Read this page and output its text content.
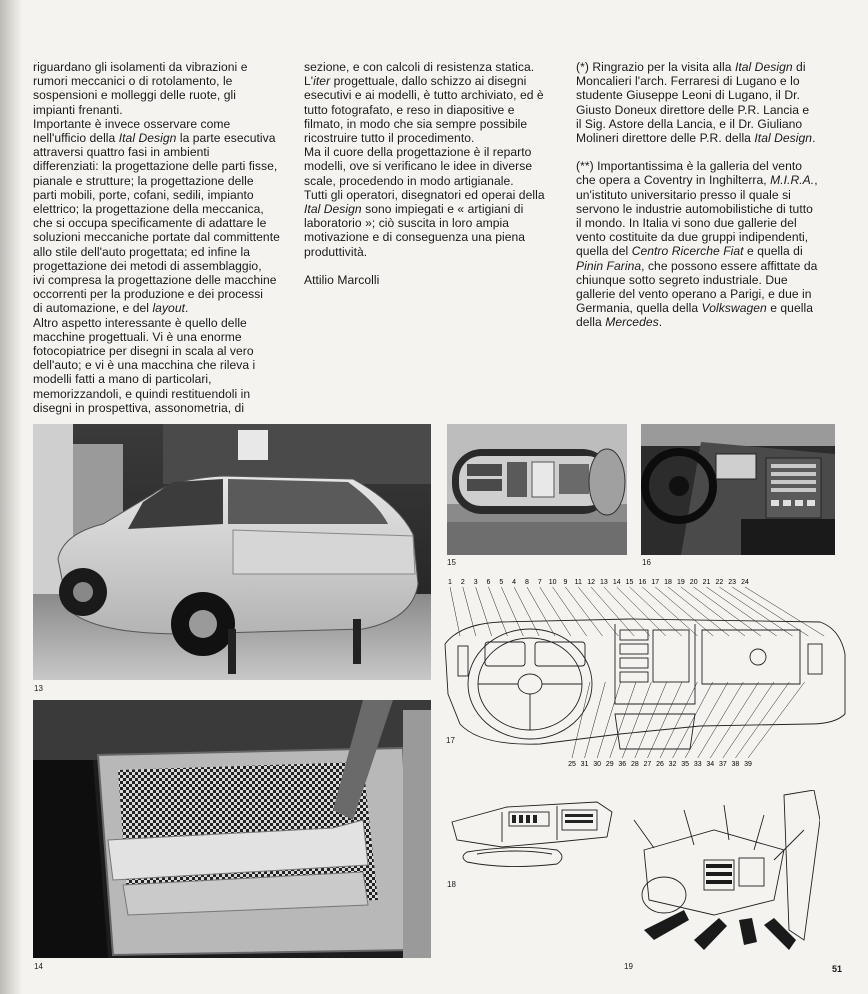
riguardano gli isolamenti da vibrazioni e
rumori meccanici o di rotolamento, le
sospensioni e molleggi delle ruote, gli
impianti frenanti.
Importante è invece osservare come
nell'ufficio della Ital Design la parte esecutiva
attraversi quattro fasi in ambienti
differenziati: la progettazione delle parti fisse,
pianale e strutture; la progettazione delle
parti mobili, porte, cofani, sedili, impianto
elettrico; la progettazione della meccanica,
che si occupa specificamente di adattare le
soluzioni meccaniche portate dal committente
allo stile dell'auto progettata; ed infine la
progettazione dei metodi di assemblaggio,
ivi compresa la progettazione delle macchine
occorrenti per la produzione e dei processi
di automazione, e del layout.
Altro aspetto interessante è quello delle
macchine progettuali. Vi è una enorme
fotocopiatrice per disegni in scala al vero
dell'auto; e vi è una macchina che rileva i
modelli fatti a mano di particolari,
memorizzandoli, e quindi restituendoli in
disegni in prospettiva, assonometria, di
sezione, e con calcoli di resistenza statica.
L'iter progettuale, dallo schizzo ai disegni
esecutivi e ai modelli, è tutto archiviato, ed è
tutto fotografato, e reso in diapositive e
filmato, in modo che sia sempre possibile
ricostruire tutto il procedimento.
Ma il cuore della progettazione è il reparto
modelli, ove si verificano le idee in diverse
scale, procedendo in modo artigianale.
Tutti gli operatori, disegnatori ed operai della
Ital Design sono impiegati e « artigiani di
laboratorio »; ciò suscita in loro ampia
motivazione e di conseguenza una piena
produttività.
Attilio Marcolli

(*) Ringrazio per la visita alla Ital Design di
Moncalieri l'arch. Ferraresi di Lugano e lo
studente Giuseppe Leoni di Lugano, il Dr.
Giusto Doneux direttore delle P.R. Lancia e
il Sig. Astore della Lancia, e il Dr. Giuliano
Molineri direttore delle P.R. della Ital Design.

(**) Importantissima è la galleria del vento
che opera a Coventry in Inghilterra, M.I.R.A.,
un'istituto universitario presso il quale si
servono le industrie automobilistiche di tutto
il mondo. In Italia vi sono due gallerie del
vento costituite da due gruppi indipendenti,
quella del Centro Ricerche Fiat e quella di
Pinin Farina, che possono essere affittate da
chiunque sotto segreto industriale. Due
gallerie del vento operano a Parigi, e due in
Germania, quella della Volkswagen e quella
della Mercedes.

13
14
15	16
1 2 3 6 5 4 8 7 10 9 11 12 13 14 15 16 17 18 19 20 21 22 23 24
25 31 30 29 36 28 27 26 32 35 33 34 37 38 39
17
18
19	51
